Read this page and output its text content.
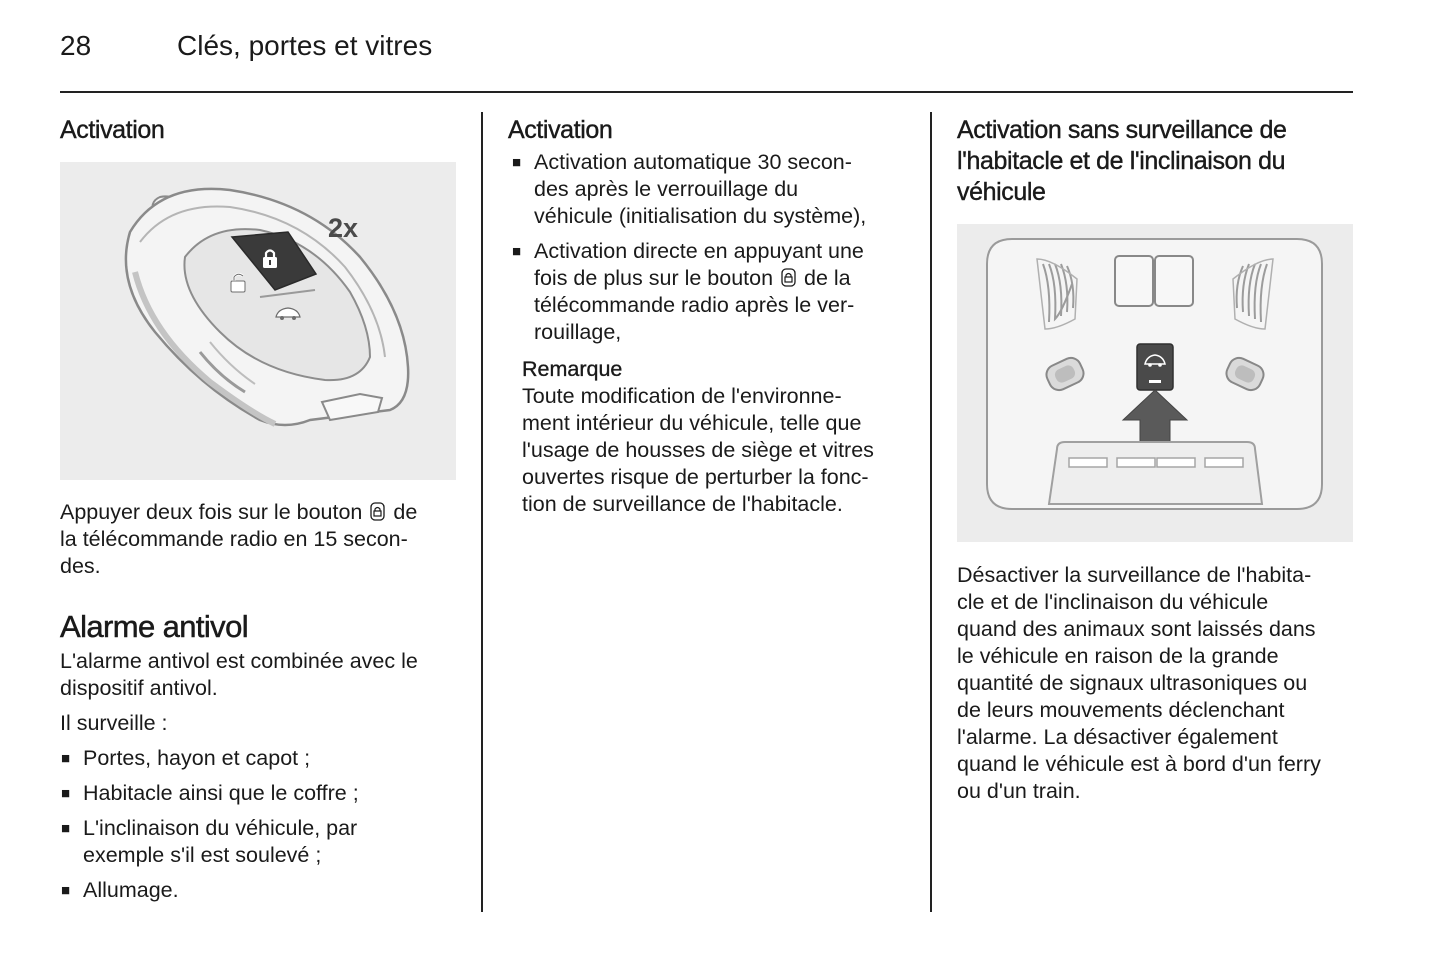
28	Clés, portes et vitres
Activation
2x

Appuyer deux fois sur le bouton de
la télécommande radio en 15 secon-
des.

Alarme antivol

L'alarme antivol est combinée avec le
dispositif antivol.

Il surveille :

■ Portes, hayon et capot ;
■ Habitacle ainsi que le coffre ;
■ L'inclinaison du véhicule, par
exemple s'il est soulevé ;
■ Allumage.
Activation
■ Activation automatique 30 secon-
des après le verrouillage du
véhicule (initialisation du système),
■ Activation directe en appuyant une
fois de plus sur le bouton de la
télécommande radio après le ver-
rouillage,
Remarque

Toute modification de l'environne-
ment intérieur du véhicule, telle que
l'usage de housses de siège et vitres
ouvertes risque de perturber la fonc-
tion de surveillance de l'habitacle.

Activation sans surveillance de
l'habitacle et de l'inclinaison du
véhicule

Désactiver la surveillance de l'habita-
cle et de l'inclinaison du véhicule
quand des animaux sont laissés dans
le véhicule en raison de la grande
quantité de signaux ultrasoniques ou
de leurs mouvements déclenchant
l'alarme. La désactiver également
quand le véhicule est à bord d'un ferry
ou d'un train.
